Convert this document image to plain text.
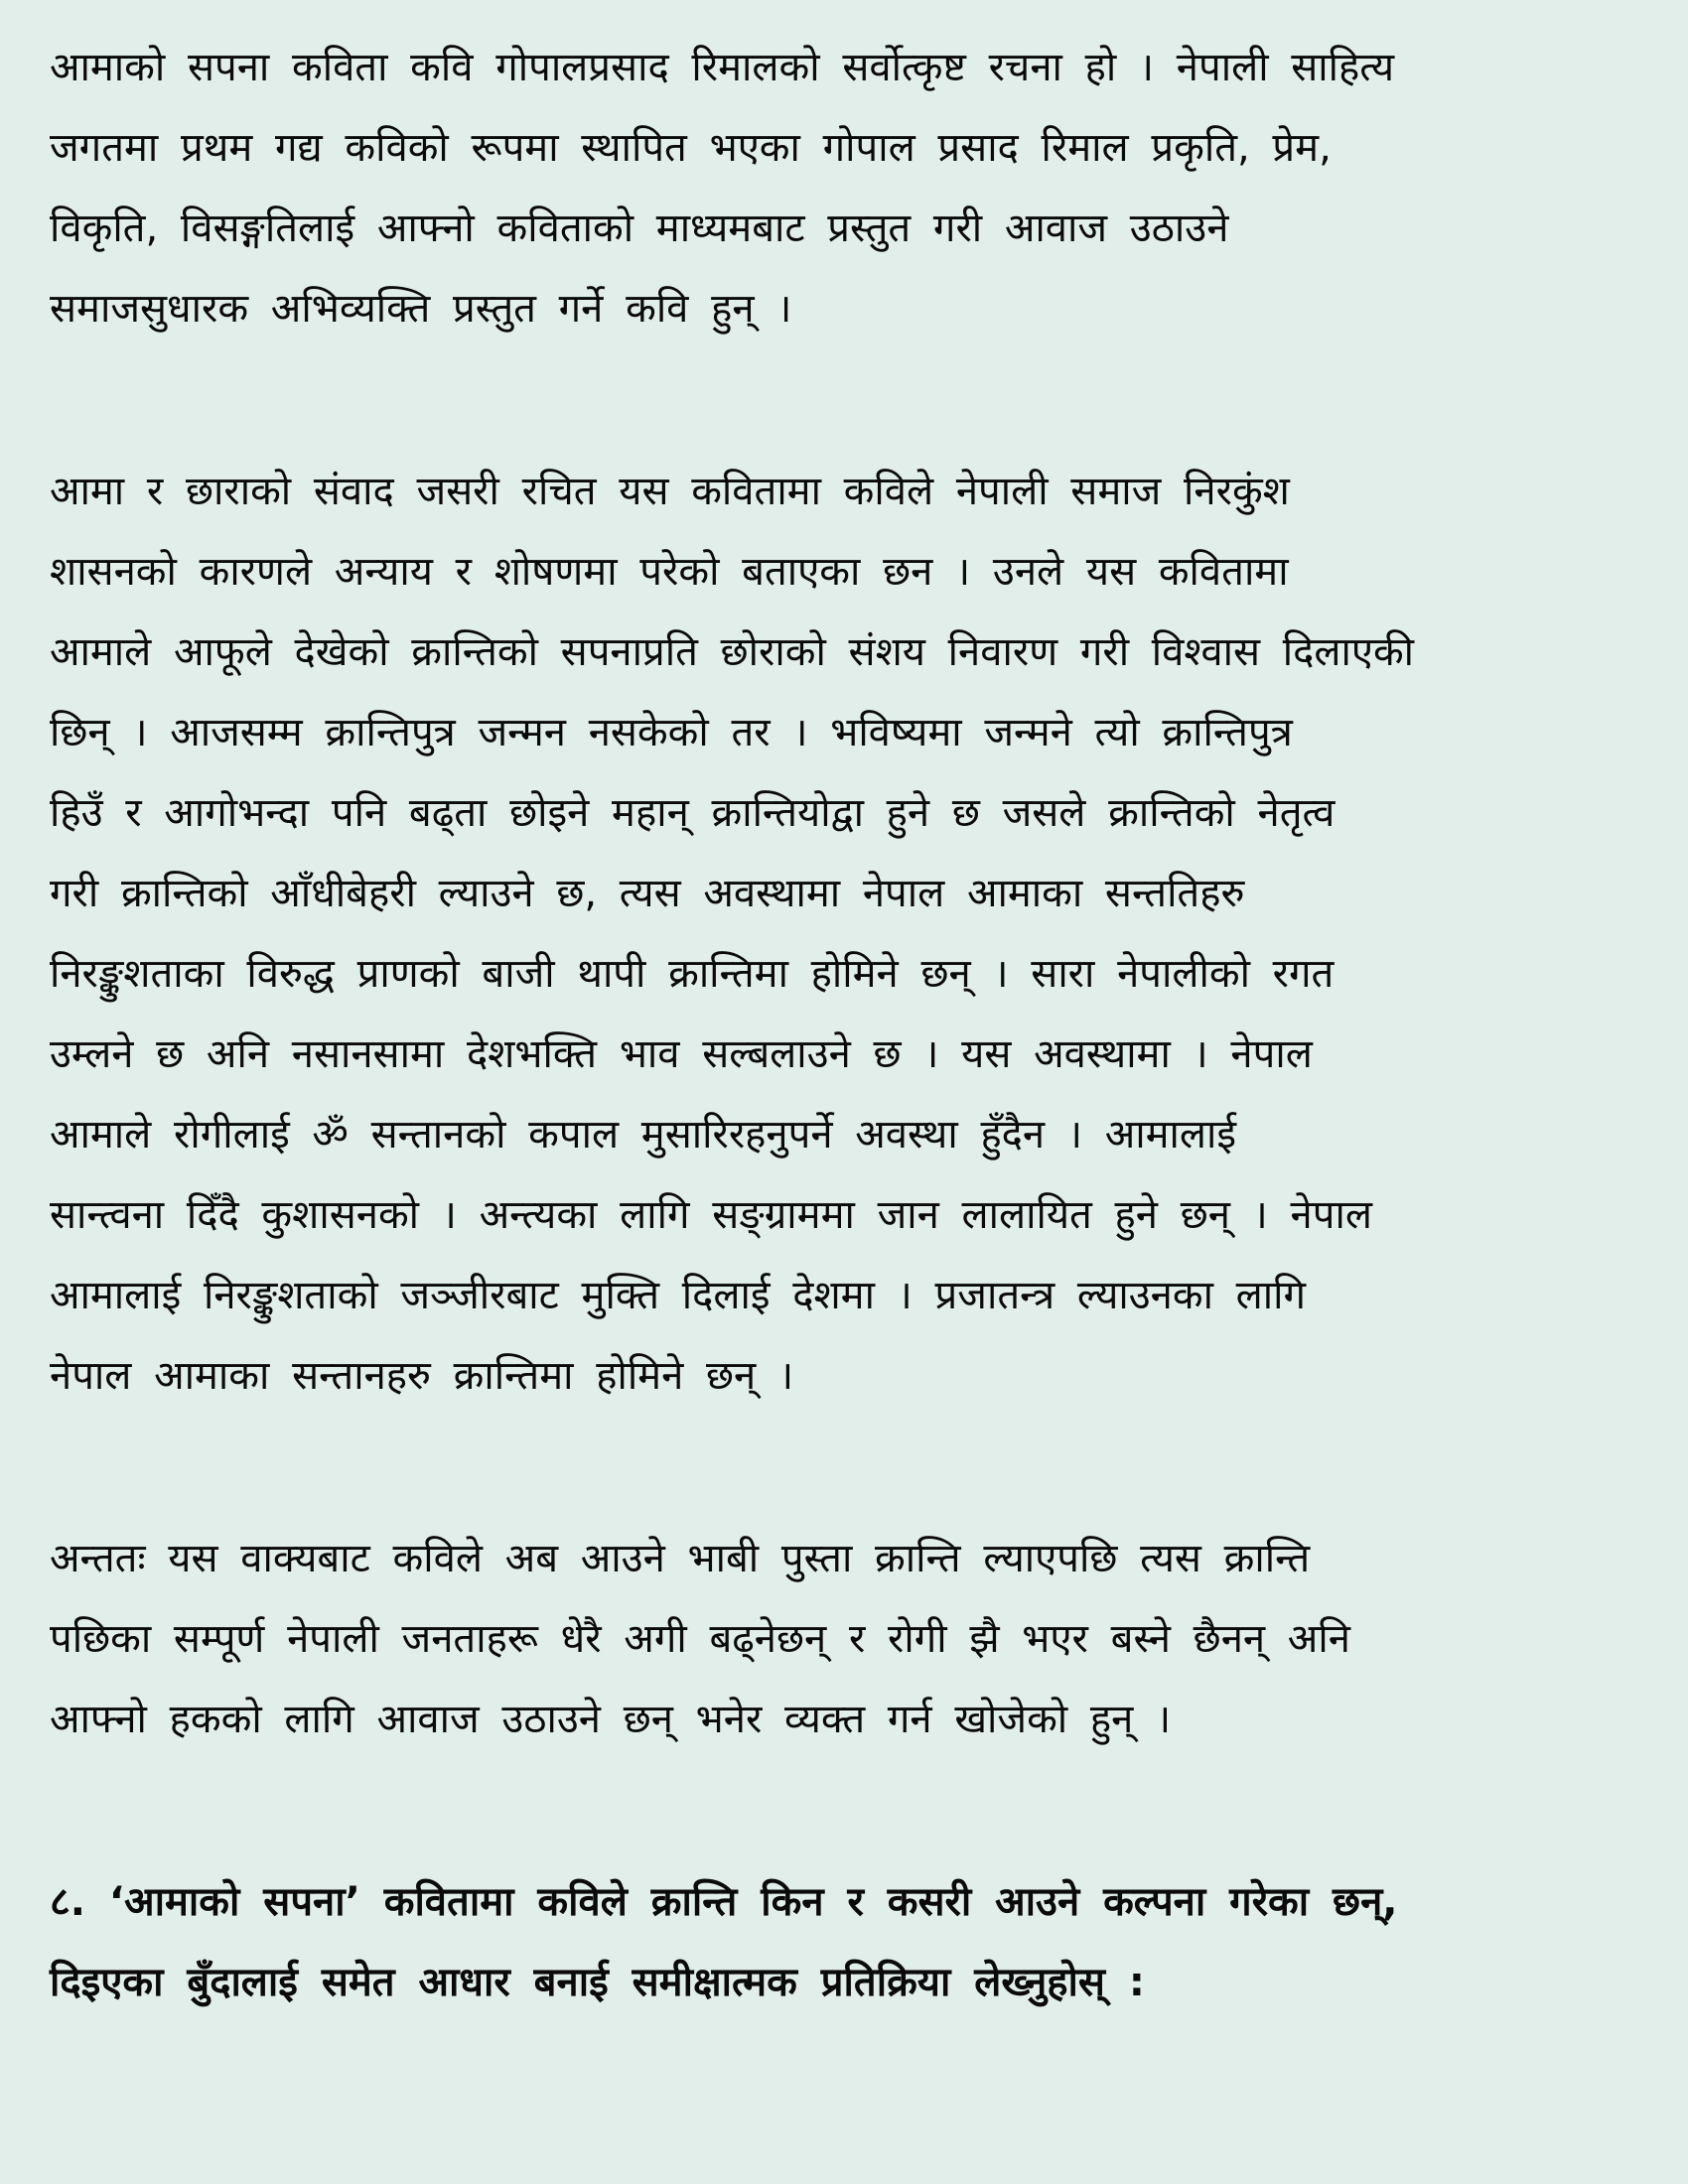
आमाको सपना कविता कवि गोपालप्रसाद रिमालको सर्वोत्कृष्ट रचना हो । नेपाली साहित्य
जगतमा प्रथम गद्य कविको रूपमा स्थापित भएका गोपाल प्रसाद रिमाल प्रकृति, प्रेम,
विकृति, विसङ्गतिलाई आफ्नो कविताको माध्यमबाट प्रस्तुत गरी आवाज उठाउने
समाजसुधारक अभिव्यक्ति प्रस्तुत गर्ने कवि हुन् ।
आमा र छाराको संवाद जसरी रचित यस कवितामा कविले नेपाली समाज निरकुंश
शासनको कारणले अन्याय र शोषणमा परेको बताएका छन । उनले यस कवितामा
आमाले आफूले देखेको क्रान्तिको सपनाप्रति छोराको संशय निवारण गरी विश्वास दिलाएकी
छिन् । आजसम्म क्रान्तिपुत्र जन्मन नसकेको तर । भविष्यमा जन्मने त्यो क्रान्तिपुत्र
हिउँ र आगोभन्दा पनि बढ्ता छोइने महान् क्रान्तियोद्वा हुने छ जसले क्रान्तिको नेतृत्व
गरी क्रान्तिको आँधीबेहरी ल्याउने छ, त्यस अवस्थामा नेपाल आमाका सन्ततिहरु
निरङ्कुशताका विरुद्ध प्राणको बाजी थापी क्रान्तिमा होमिने छन् । सारा नेपालीको रगत
उम्लने छ अनि नसानसामा देशभक्ति भाव सल्बलाउने छ । यस अवस्थामा । नेपाल
आमाले रोगीलाई ॐ सन्तानको कपाल मुसारिरहनुपर्ने अवस्था हुँदैन । आमालाई
सान्त्वना दिँदै कुशासनको । अन्त्यका लागि सङ्ग्राममा जान लालायित हुने छन् । नेपाल
आमालाई निरङ्कुशताको जञ्जीरबाट मुक्ति दिलाई देशमा । प्रजातन्त्र ल्याउनका लागि
नेपाल आमाका सन्तानहरु क्रान्तिमा होमिने छन् ।
अन्ततः यस वाक्यबाट कविले अब आउने भाबी पुस्ता क्रान्ति ल्याएपछि त्यस क्रान्ति
पछिका सम्पूर्ण नेपाली जनताहरू धेरै अगी बढ्नेछन् र रोगी झै भएर बस्ने छैनन् अनि
आफ्नो हकको लागि आवाज उठाउने छन् भनेर व्यक्त गर्न खोजेको हुन् ।
८. ‘आमाको सपना’ कवितामा कविले क्रान्ति किन र कसरी आउने कल्पना गरेका छन्,
दिइएका बुँदालाई समेत आधार बनाई समीक्षात्मक प्रतिक्रिया लेख्नुहोस् :
